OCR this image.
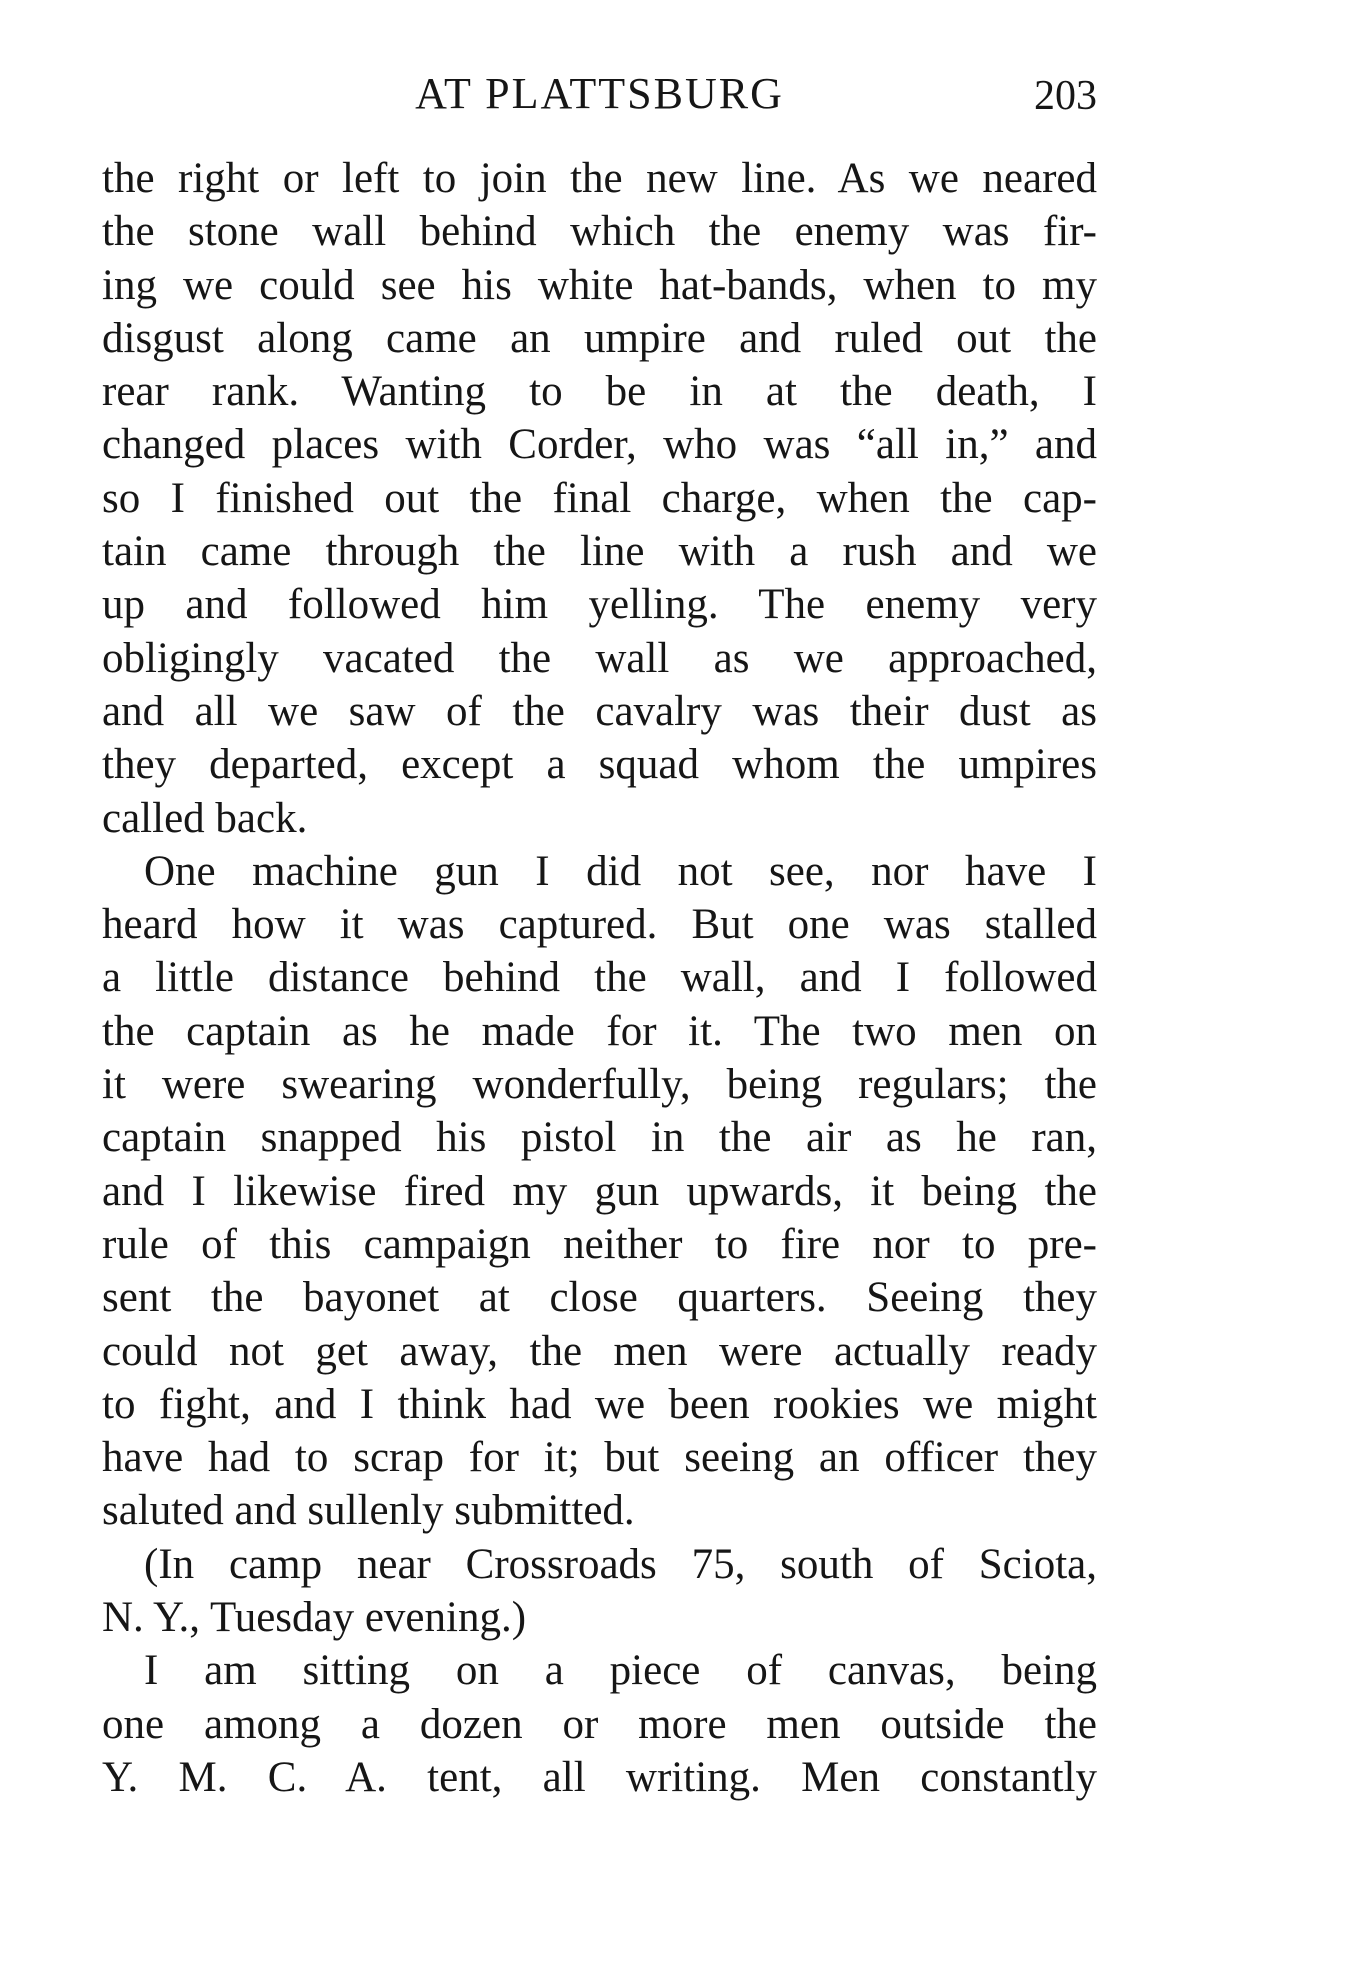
AT PLATTSBURG	203
the right or left to join the new line. As we neared
the stone wall behind which the enemy was fir-
ing we could see his white hat-bands, when to my
disgust along came an umpire and ruled out the
rear rank. Wanting to be in at the death, I
changed places with Corder, who was “all in,” and
so I finished out the final charge, when the cap-
tain came through the line with a rush and we
up and followed him yelling. The enemy very
obligingly vacated the wall as we approached,
and all we saw of the cavalry was their dust as
they departed, except a squad whom the umpires
called back.
One machine gun I did not see, nor have I
heard how it was captured. But one was stalled
a little distance behind the wall, and I followed
the captain as he made for it. The two men on
it were swearing wonderfully, being regulars; the
captain snapped his pistol in the air as he ran,
and I likewise fired my gun upwards, it being the
rule of this campaign neither to fire nor to pre-
sent the bayonet at close quarters. Seeing they
could not get away, the men were actually ready
to fight, and I think had we been rookies we might
have had to scrap for it; but seeing an officer they
saluted and sullenly submitted.
(In camp near Crossroads 75, south of Sciota,
N. Y., Tuesday evening.)
I am sitting on a piece of canvas, being
one among a dozen or more men outside the
Y. M. C. A. tent, all writing. Men constantly
